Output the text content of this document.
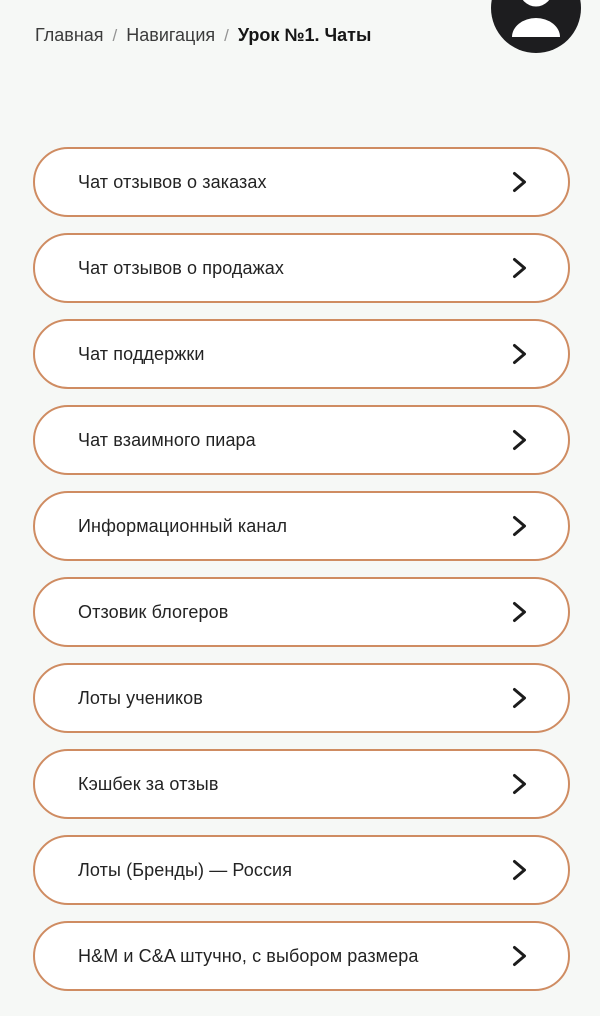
Главная / Навигация / Урок №1. Чаты
Чат отзывов о заказах
Чат отзывов о продажах
Чат поддержки
Чат взаимного пиара
Информационный канал
Отзовик блогеров
Лоты учеников
Кэшбек за отзыв
Лоты (Бренды) — Россия
H&M и C&A штучно, с выбором размера
